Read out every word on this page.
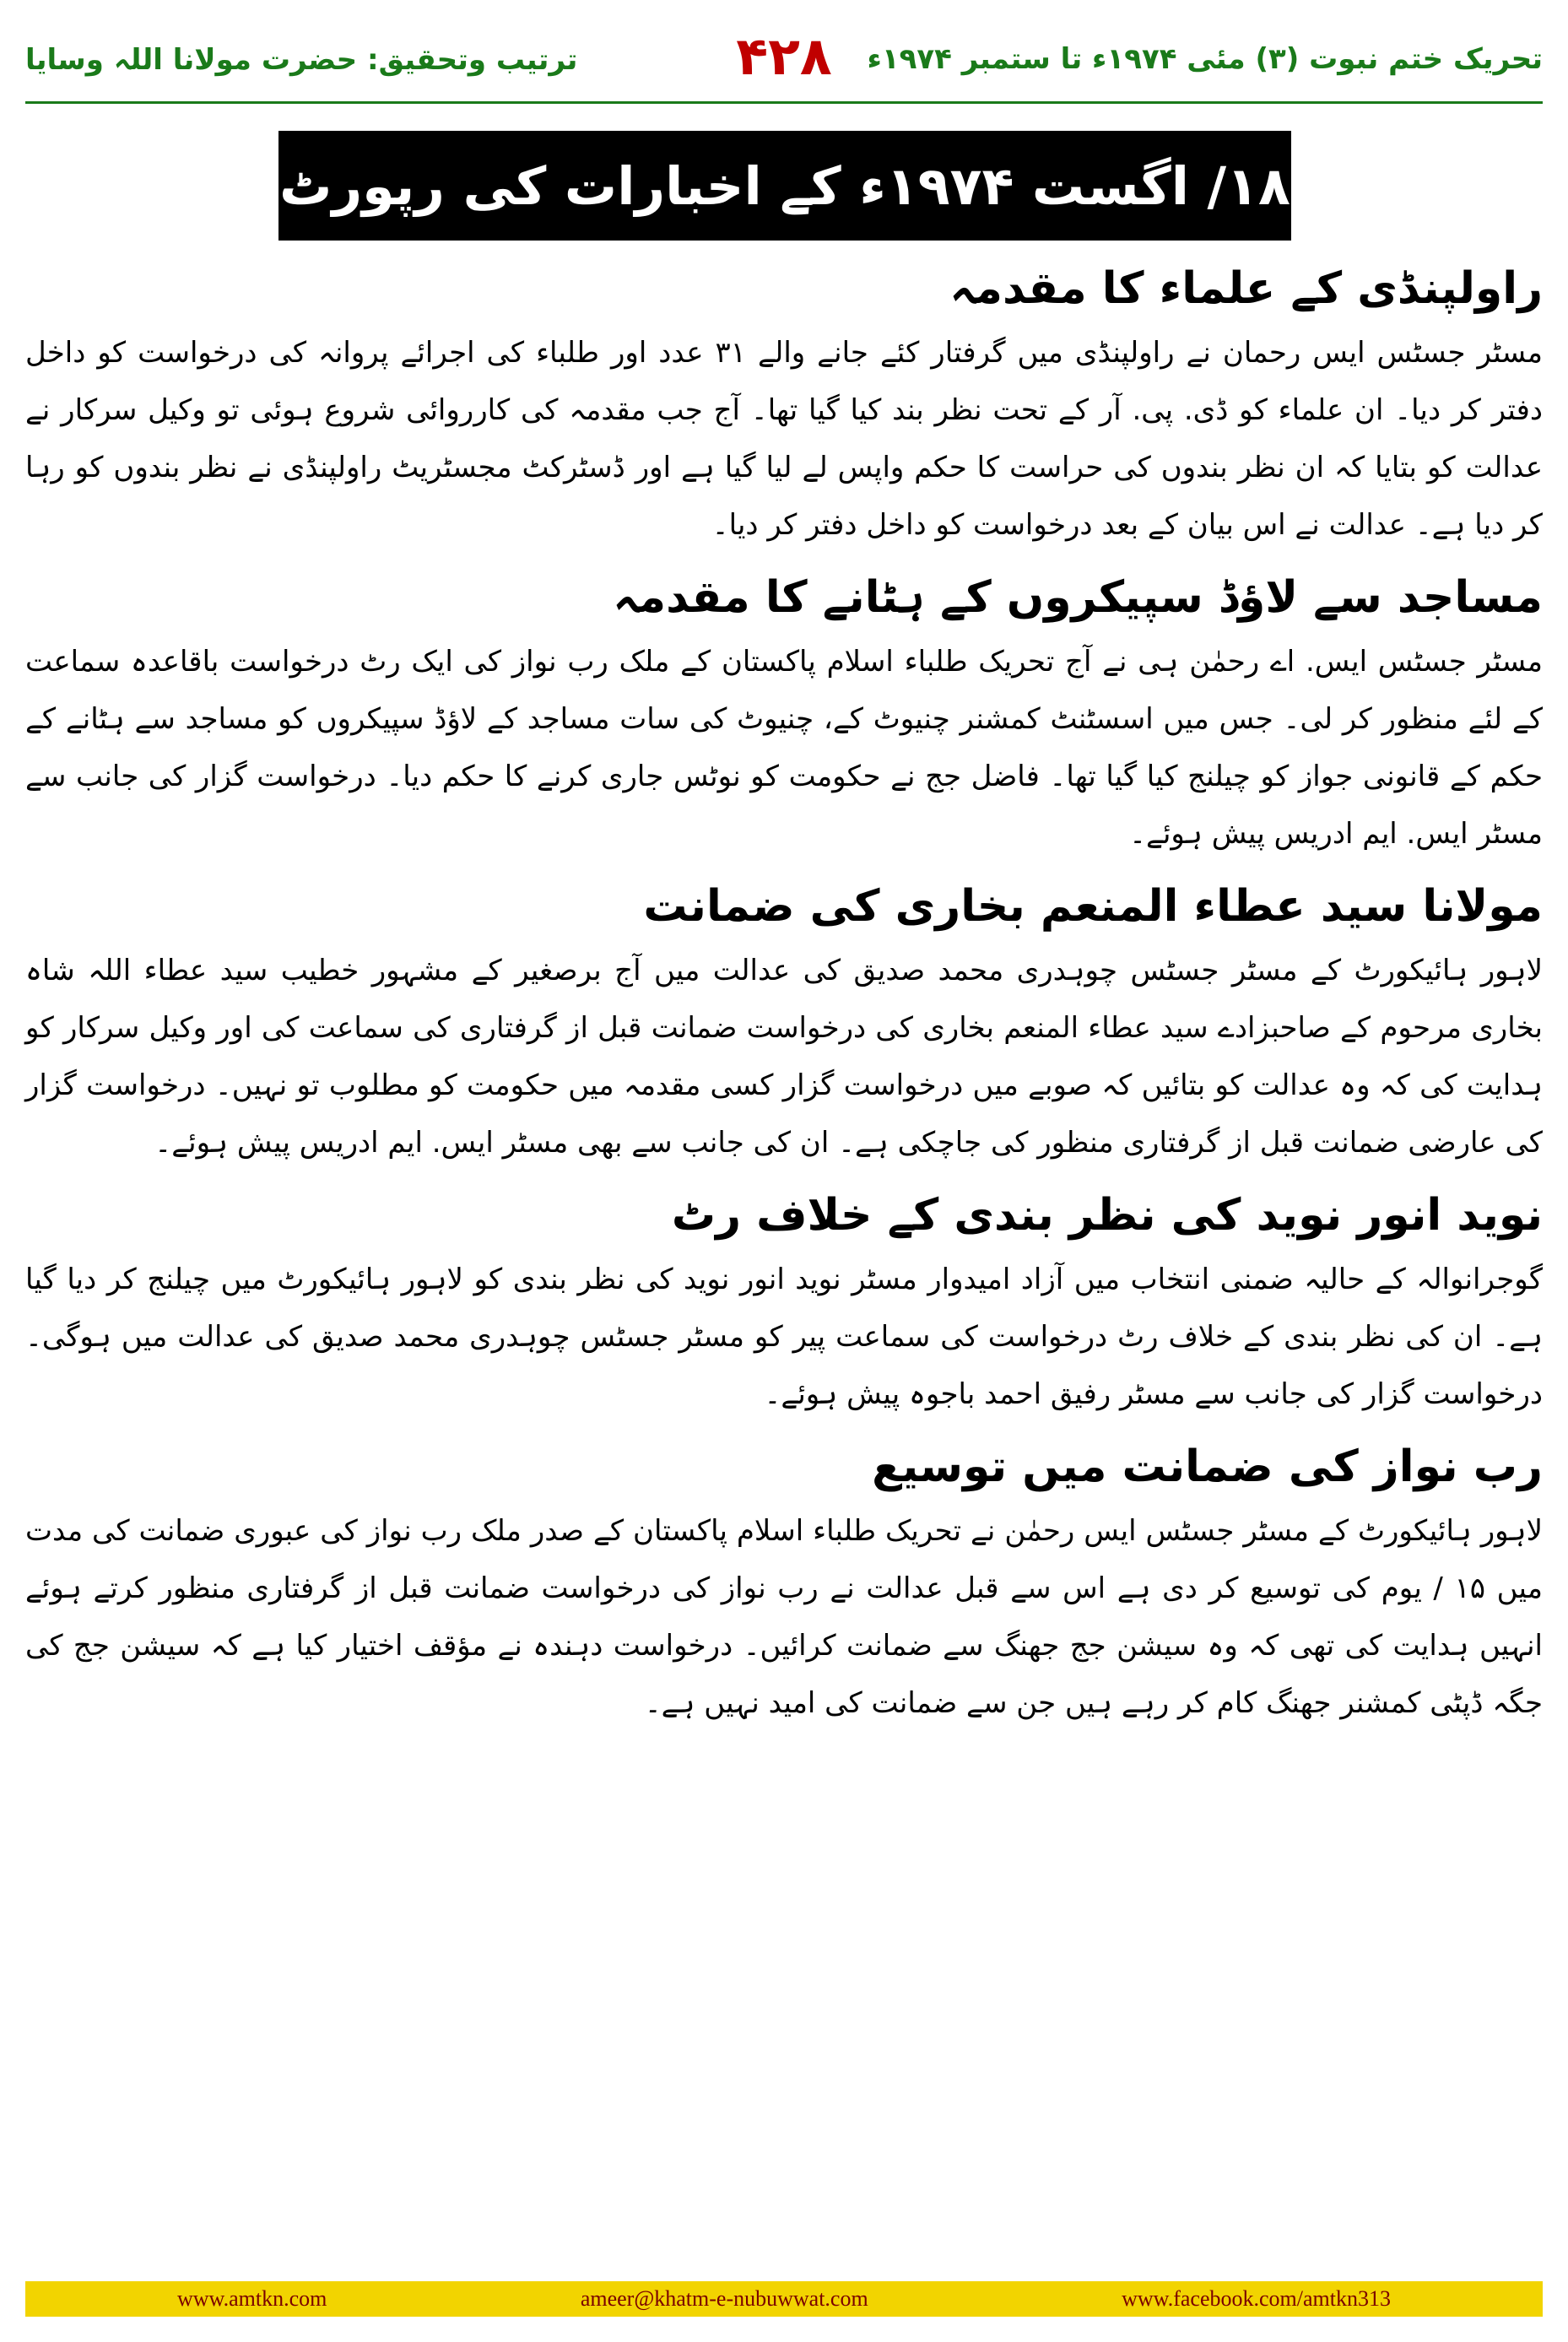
تحریک ختم نبوت (۳) مئی ۱۹۷۴ء تا ستمبر ۱۹۷۴ء
۴۲۸
ترتیب وتحقیق: حضرت مولانا اللہ وسایا
۱۸/ اگست ۱۹۷۴ء کے اخبارات کی رپورٹ
راولپنڈی کے علماء کا مقدمہ

مسٹر جسٹس ایس رحمان نے راولپنڈی میں گرفتار کئے جانے والے ۳۱ عدد اور طلباء کی اجرائے پروانہ کی درخواست کو داخل دفتر کر دیا۔ ان علماء کو ڈی. پی. آر کے تحت نظر بند کیا گیا تھا۔ آج جب مقدمہ کی کارروائی شروع ہوئی تو وکیل سرکار نے عدالت کو بتایا کہ ان نظر بندوں کی حراست کا حکم واپس لے لیا گیا ہے اور ڈسٹرکٹ مجسٹریٹ راولپنڈی نے نظر بندوں کو رہا کر دیا ہے۔ عدالت نے اس بیان کے بعد درخواست کو داخل دفتر کر دیا۔

مساجد سے لاؤڈ سپیکروں کے ہٹانے کا مقدمہ

مسٹر جسٹس ایس. اے رحمٰن ہی نے آج تحریک طلباء اسلام پاکستان کے ملک رب نواز کی ایک رٹ درخواست باقاعدہ سماعت کے لئے منظور کر لی۔ جس میں اسسٹنٹ کمشنر چنیوٹ کے، چنیوٹ کی سات مساجد کے لاؤڈ سپیکروں کو مساجد سے ہٹانے کے حکم کے قانونی جواز کو چیلنج کیا گیا تھا۔ فاضل جج نے حکومت کو نوٹس جاری کرنے کا حکم دیا۔ درخواست گزار کی جانب سے مسٹر ایس. ایم ادریس پیش ہوئے۔

مولانا سید عطاء المنعم بخاری کی ضمانت

لاہور ہائیکورٹ کے مسٹر جسٹس چوہدری محمد صدیق کی عدالت میں آج برصغیر کے مشہور خطیب سید عطاء اللہ شاہ بخاری مرحوم کے صاحبزادے سید عطاء المنعم بخاری کی درخواست ضمانت قبل از گرفتاری کی سماعت کی اور وکیل سرکار کو ہدایت کی کہ وہ عدالت کو بتائیں کہ صوبے میں درخواست گزار کسی مقدمہ میں حکومت کو مطلوب تو نہیں۔ درخواست گزار کی عارضی ضمانت قبل از گرفتاری منظور کی جاچکی ہے۔ ان کی جانب سے بھی مسٹر ایس. ایم ادریس پیش ہوئے۔

نوید انور نوید کی نظر بندی کے خلاف رٹ

گوجرانوالہ کے حالیہ ضمنی انتخاب میں آزاد امیدوار مسٹر نوید انور نوید کی نظر بندی کو لاہور ہائیکورٹ میں چیلنج کر دیا گیا ہے۔ ان کی نظر بندی کے خلاف رٹ درخواست کی سماعت پیر کو مسٹر جسٹس چوہدری محمد صدیق کی عدالت میں ہوگی۔ درخواست گزار کی جانب سے مسٹر رفیق احمد باجوہ پیش ہوئے۔

رب نواز کی ضمانت میں توسیع

لاہور ہائیکورٹ کے مسٹر جسٹس ایس رحمٰن نے تحریک طلباء اسلام پاکستان کے صدر ملک رب نواز کی عبوری ضمانت کی مدت میں ۱۵ / یوم کی توسیع کر دی ہے اس سے قبل عدالت نے رب نواز کی درخواست ضمانت قبل از گرفتاری منظور کرتے ہوئے انہیں ہدایت کی تھی کہ وہ سیشن جج جھنگ سے ضمانت کرائیں۔ درخواست دہندہ نے مؤقف اختیار کیا ہے کہ سیشن جج کی جگہ ڈپٹی کمشنر جھنگ کام کر رہے ہیں جن سے ضمانت کی امید نہیں ہے۔

www.amtkn.com	ameer@khatm-e-nubuwwat.com	www.facebook.com/amtkn313
